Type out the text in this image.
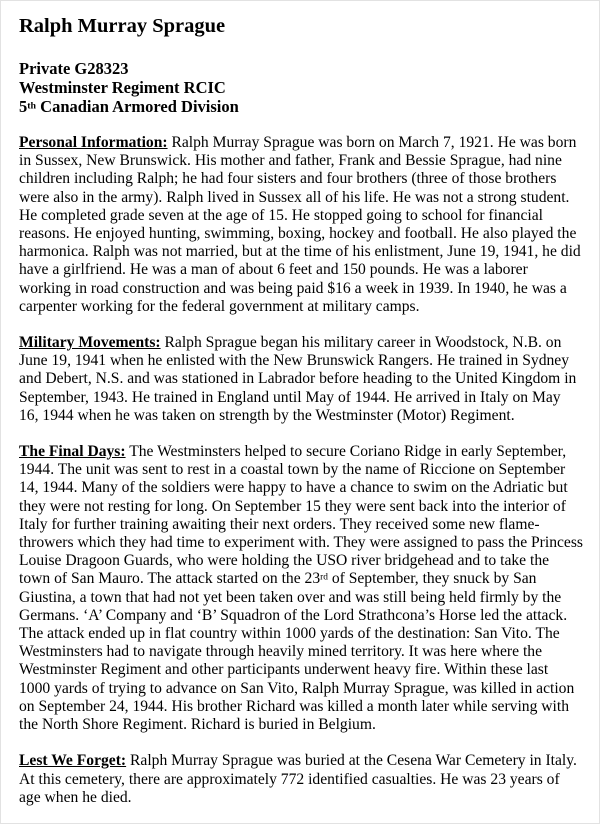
Ralph Murray Sprague
Private G28323
Westminster Regiment RCIC
5th Canadian Armored Division

Personal Information: Ralph Murray Sprague was born on March 7, 1921. He was born in Sussex, New Brunswick. His mother and father, Frank and Bessie Sprague, had nine children including Ralph; he had four sisters and four brothers (three of those brothers were also in the army). Ralph lived in Sussex all of his life. He was not a strong student. He completed grade seven at the age of 15. He stopped going to school for financial reasons. He enjoyed hunting, swimming, boxing, hockey and football. He also played the harmonica. Ralph was not married, but at the time of his enlistment, June 19, 1941, he did have a girlfriend. He was a man of about 6 feet and 150 pounds. He was a laborer working in road construction and was being paid $16 a week in 1939. In 1940, he was a carpenter working for the federal government at military camps.

Military Movements: Ralph Sprague began his military career in Woodstock, N.B. on June 19, 1941 when he enlisted with the New Brunswick Rangers. He trained in Sydney and Debert, N.S. and was stationed in Labrador before heading to the United Kingdom in September, 1943. He trained in England until May of 1944. He arrived in Italy on May 16, 1944 when he was taken on strength by the Westminster (Motor) Regiment.

The Final Days: The Westminsters helped to secure Coriano Ridge in early September, 1944. The unit was sent to rest in a coastal town by the name of Riccione on September 14, 1944. Many of the soldiers were happy to have a chance to swim on the Adriatic but they were not resting for long. On September 15 they were sent back into the interior of Italy for further training awaiting their next orders. They received some new flame-throwers which they had time to experiment with. They were assigned to pass the Princess Louise Dragoon Guards, who were holding the USO river bridgehead and to take the town of San Mauro. The attack started on the 23rd of September, they snuck by San Giustina, a town that had not yet been taken over and was still being held firmly by the Germans. ‘A’ Company and ‘B’ Squadron of the Lord Strathcona’s Horse led the attack. The attack ended up in flat country within 1000 yards of the destination: San Vito. The Westminsters had to navigate through heavily mined territory. It was here where the Westminster Regiment and other participants underwent heavy fire. Within these last 1000 yards of trying to advance on San Vito, Ralph Murray Sprague, was killed in action on September 24, 1944. His brother Richard was killed a month later while serving with the North Shore Regiment. Richard is buried in Belgium.

Lest We Forget: Ralph Murray Sprague was buried at the Cesena War Cemetery in Italy. At this cemetery, there are approximately 772 identified casualties. He was 23 years of age when he died.
